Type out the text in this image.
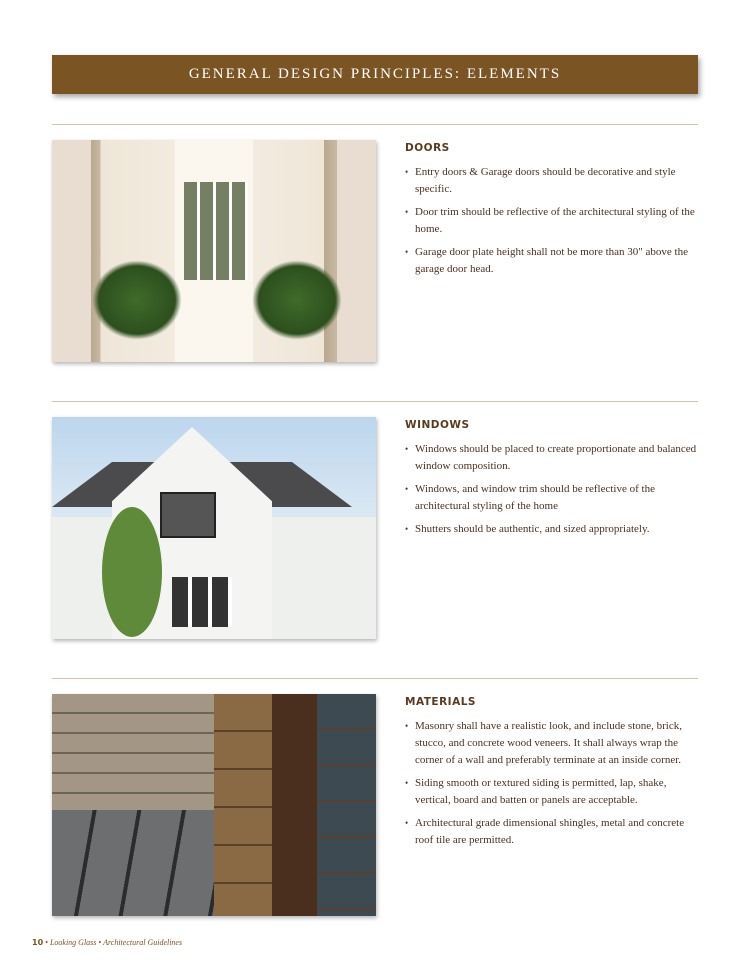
GENERAL DESIGN PRINCIPLES: ELEMENTS
DOORS
• Entry doors & Garage doors should be decorative and style specific.
• Door trim should be reflective of the architectural styling of the home.
• Garage door plate height shall not be more than 30" above the garage door head.
WINDOWS
• Windows should be placed to create proportionate and balanced window composition.
• Windows, and window trim should be reflective of the architectural styling of the home
• Shutters should be authentic, and sized appropriately.
MATERIALS
• Masonry shall have a realistic look, and include stone, brick, stucco, and concrete wood veneers. It shall always wrap the corner of a wall and preferably terminate at an inside corner.
• Siding smooth or textured siding is permitted, lap, shake, vertical, board and batten or panels are acceptable.
• Architectural grade dimensional shingles, metal and concrete roof tile are permitted.
10 • Looking Glass • Architectural Guidelines
